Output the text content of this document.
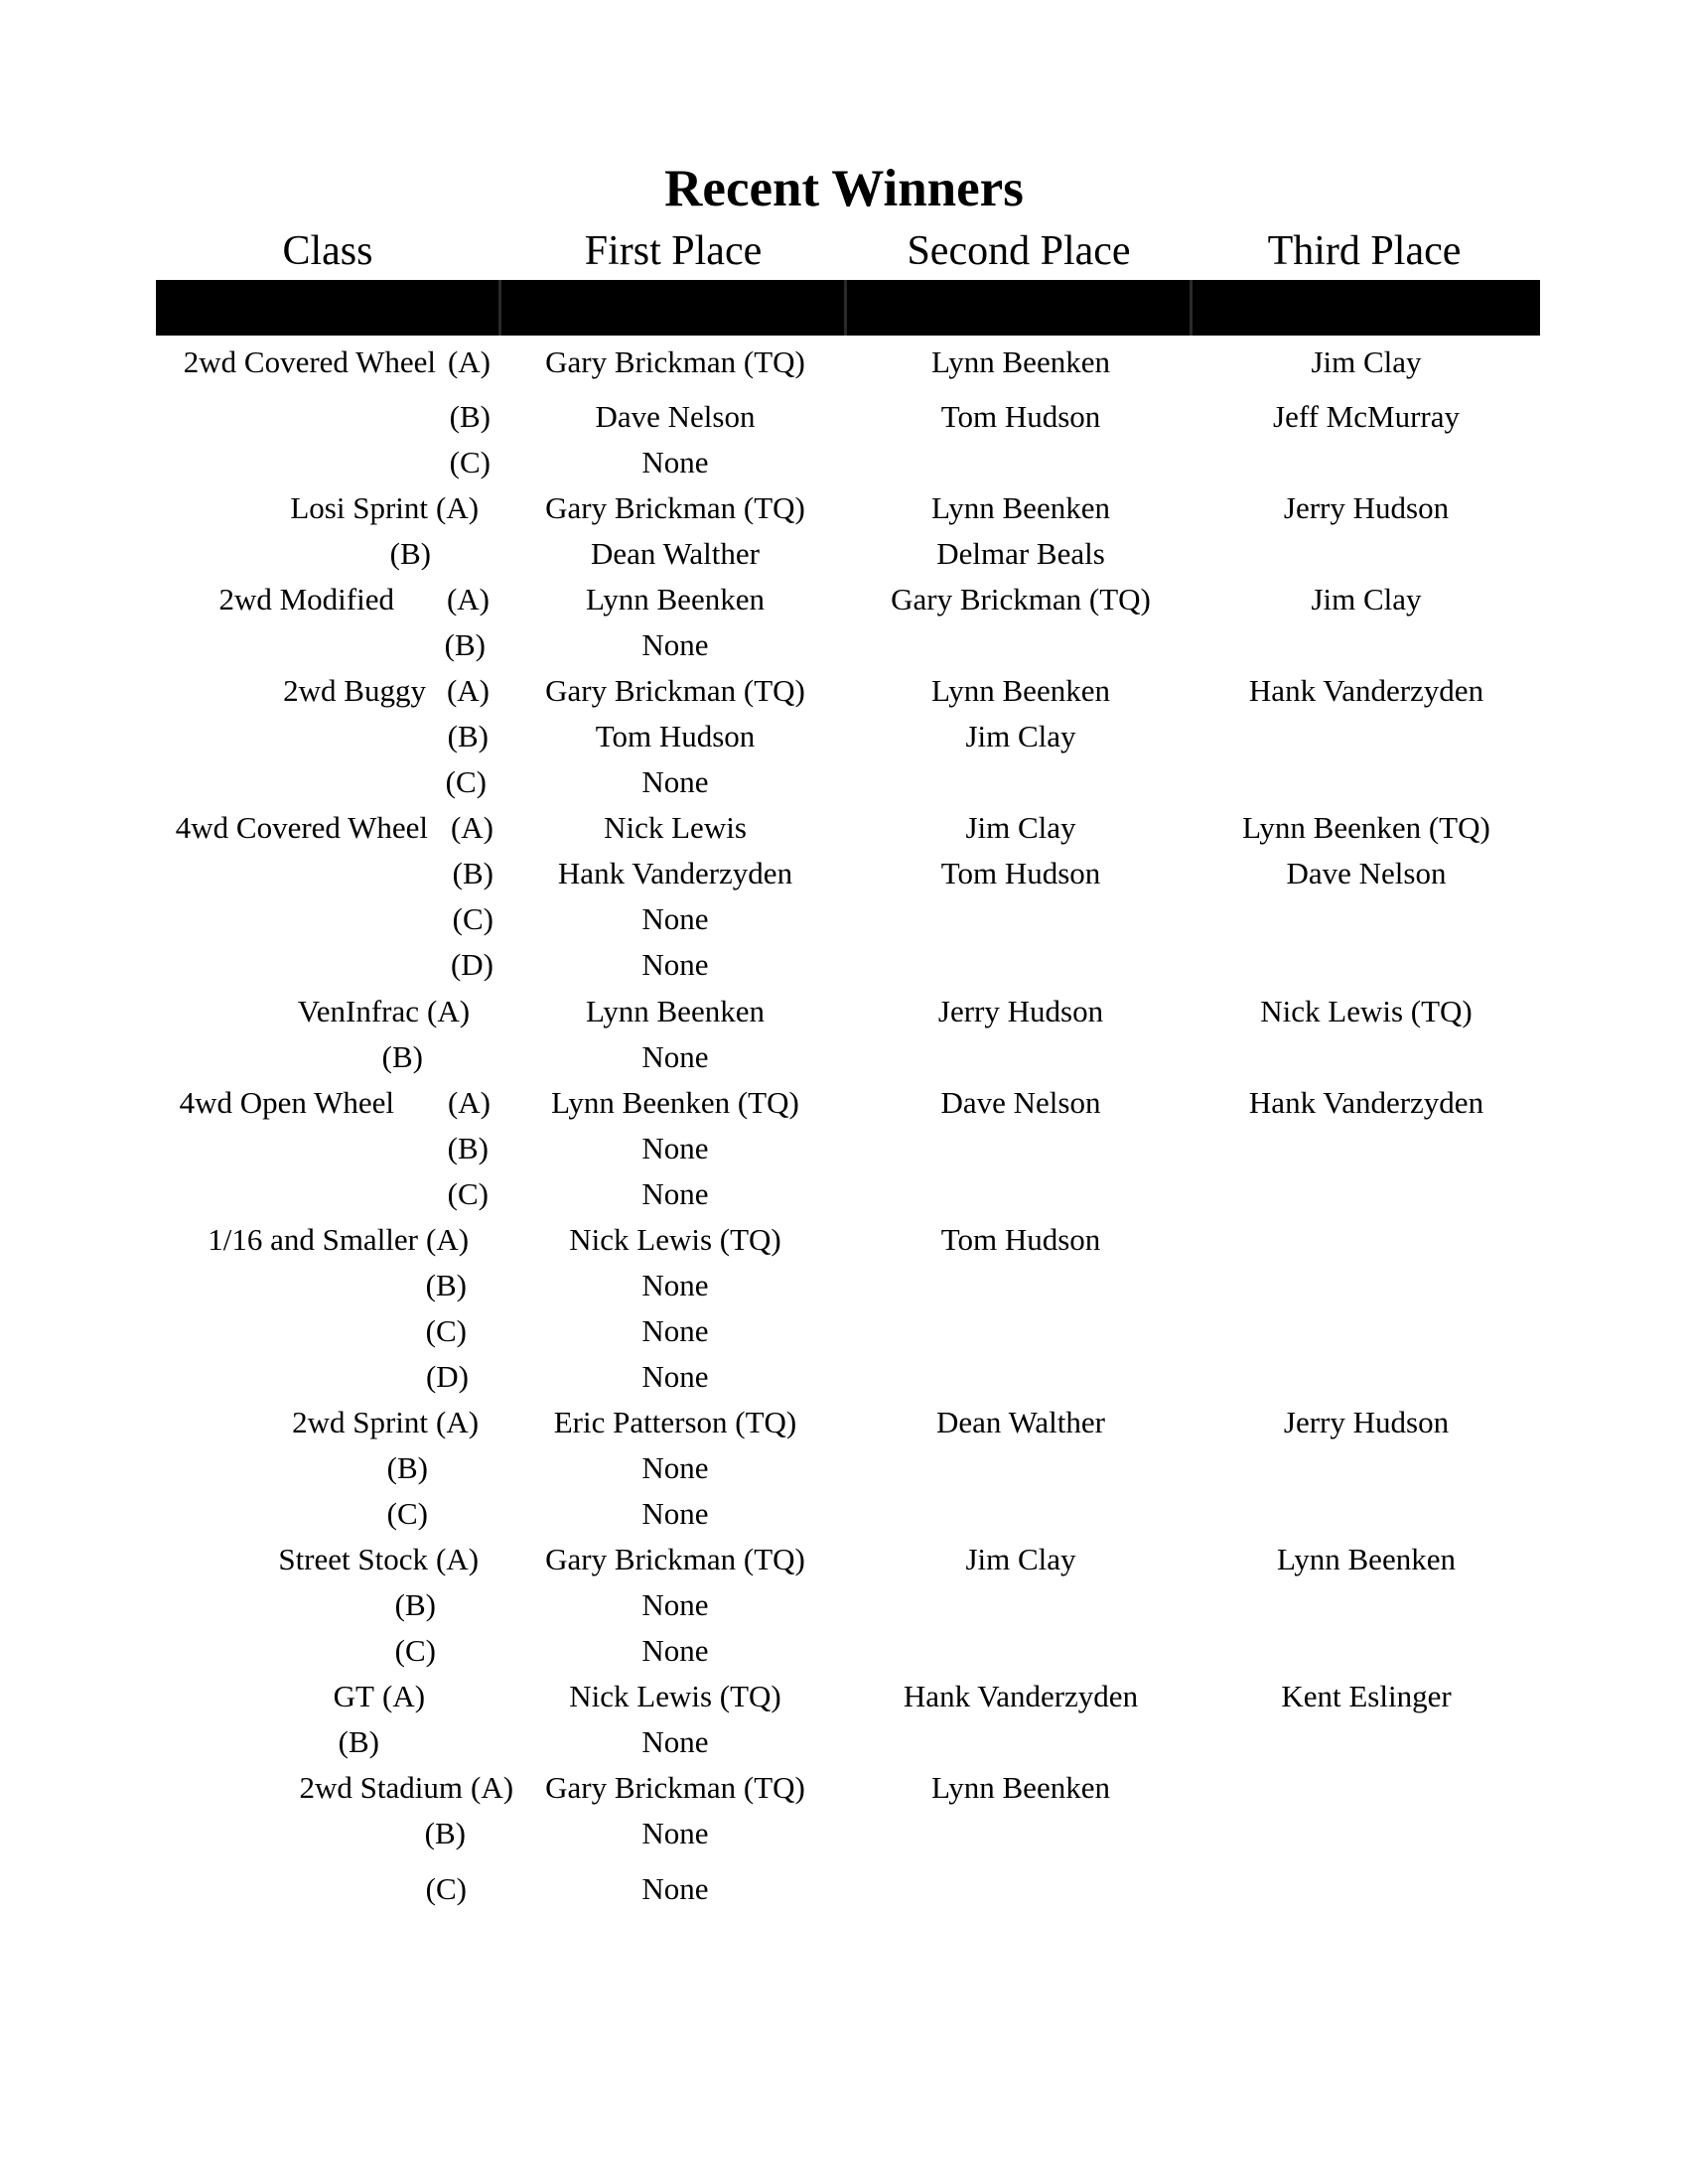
Recent Winners
Class	First Place	Second Place	Third Place
2wd Covered Wheel (A)	Gary Brickman (TQ)	Lynn Beenken	Jim Clay
(B)	Dave Nelson	Tom Hudson	Jeff McMurray
(C)	None
Losi Sprint (A)	Gary Brickman (TQ)	Lynn Beenken	Jerry Hudson
(B)	Dean Walther	Delmar Beals
2wd Modified	(A)	Lynn Beenken	Gary Brickman (TQ)	Jim Clay
(B)	None
2wd Buggy (A)	Gary Brickman (TQ)	Lynn Beenken	Hank Vanderzyden
(B)	Tom Hudson	Jim Clay
(C)	None
4wd Covered Wheel (A)	Nick Lewis	Jim Clay	Lynn Beenken (TQ)
(B)	Hank Vanderzyden	Tom Hudson	Dave Nelson
(C)	None
(D)	None
VenInfrac (A)	Lynn Beenken	Jerry Hudson	Nick Lewis (TQ)
(B)	None
4wd Open Wheel	(A)	Lynn Beenken (TQ)	Dave Nelson	Hank Vanderzyden
(B)	None
(C)	None
1/16 and Smaller (A)	Nick Lewis (TQ)	Tom Hudson
(B)	None
(C)	None
(D)	None
2wd Sprint (A)	Eric Patterson (TQ)	Dean Walther	Jerry Hudson
(B)	None
(C)	None
Street Stock (A)	Gary Brickman (TQ)	Jim Clay	Lynn Beenken
(B)	None
(C)	None
GT (A)	Nick Lewis (TQ)	Hank Vanderzyden	Kent Eslinger
(B)	None
2wd Stadium (A)	Gary Brickman (TQ)	Lynn Beenken
(B)	None
(C)	None
